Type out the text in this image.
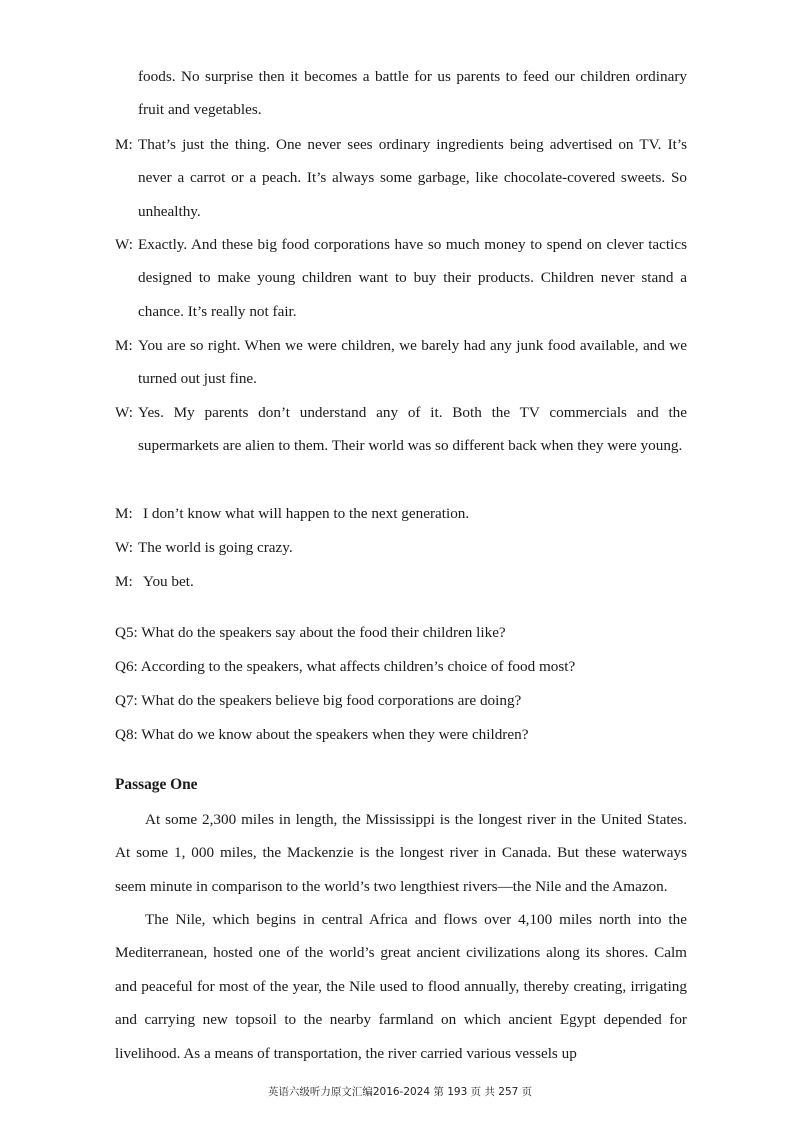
foods. No surprise then it becomes a battle for us parents to feed our children ordinary fruit and vegetables.

M: That’s just the thing. One never sees ordinary ingredients being advertised on TV. It’s never a carrot or a peach. It’s always some garbage, like chocolate-covered sweets. So unhealthy.
W: Exactly. And these big food corporations have so much money to spend on clever tactics designed to make young children want to buy their products. Children never stand a chance. It’s really not fair.
M: You are so right. When we were children, we barely had any junk food available, and we turned out just fine.
W: Yes. My parents don’t understand any of it. Both the TV commercials and the supermarkets are alien to them. Their world was so different back when they were young.
M: I don’t know what will happen to the next generation.
W: The world is going crazy.
M: You bet.
Q5: What do the speakers say about the food their children like?
Q6: According to the speakers, what affects children’s choice of food most?
Q7: What do the speakers believe big food corporations are doing?
Q8: What do we know about the speakers when they were children?
Passage One

At some 2,300 miles in length, the Mississippi is the longest river in the United States. At some 1, 000 miles, the Mackenzie is the longest river in Canada. But these waterways seem minute in comparison to the world’s two lengthiest rivers—the Nile and the Amazon.

The Nile, which begins in central Africa and flows over 4,100 miles north into the Mediterranean, hosted one of the world’s great ancient civilizations along its shores. Calm and peaceful for most of the year, the Nile used to flood annually, thereby creating, irrigating and carrying new topsoil to the nearby farmland on which ancient Egypt depended for livelihood. As a means of transportation, the river carried various vessels up

英语六级听力原文汇编2016-2024 第 193 页 共 257 页
